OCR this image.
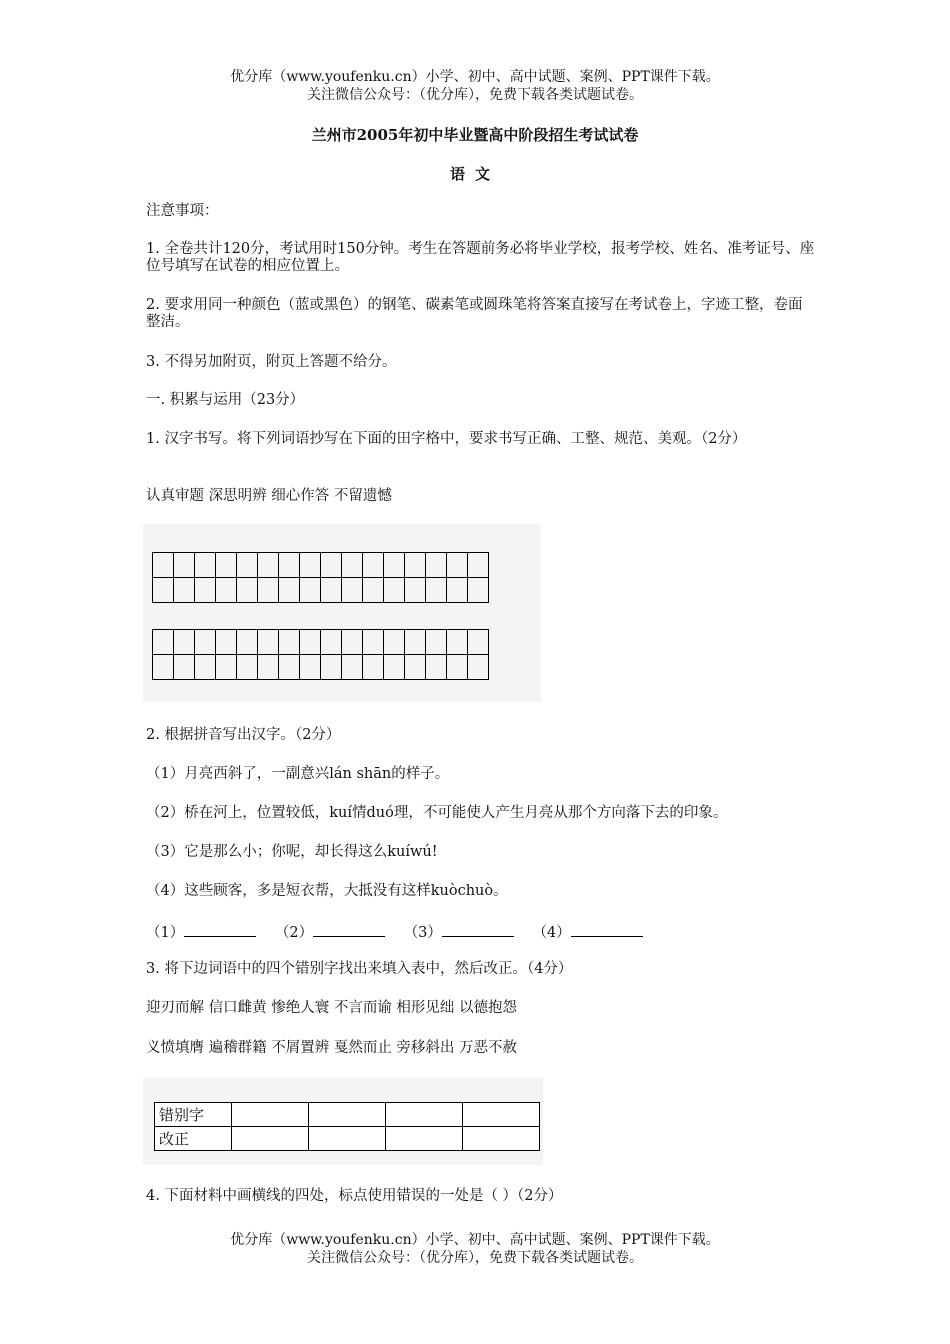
优分库（www.youfenku.cn）小学、初中、高中试题、案例、PPT课件下载。
关注微信公众号：（优分库），免费下载各类试题试卷。
兰州市2005年初中毕业暨高中阶段招生考试试卷
语文
注意事项：
1. 全卷共计120分，考试用时150分钟。考生在答题前务必将毕业学校，报考学校、姓名、准考证号、座位号填写在试卷的相应位置上。
2. 要求用同一种颜色（蓝或黑色）的钢笔、碳素笔或圆珠笔将答案直接写在考试卷上，字迹工整，卷面整洁。
3. 不得另加附页，附页上答题不给分。
一. 积累与运用（23分）
1. 汉字书写。将下列词语抄写在下面的田字格中，要求书写正确、工整、规范、美观。（2分）
认真审题 深思明辨 细心作答 不留遗憾

2. 根据拼音写出汉字。（2分）
（1）月亮西斜了，一副意兴lán shān的样子。
（2）桥在河上，位置较低，kuí情duó理，不可能使人产生月亮从那个方向落下去的印象。
（3）它是那么小；你呢，却长得这么kuíwú!
（4）这些顾客，多是短衣帮，大抵没有这样kuòchuò。
（1）	（2）	（3）	（4）
3. 将下边词语中的四个错别字找出来填入表中，然后改正。（4分）
迎刃而解 信口雌黄 惨绝人寰 不言而谕 相形见绌 以德抱怨
义愤填膺 遍稽群籍 不屑置辨 戛然而止 旁移斜出 万恶不赦
错别字				
改正				
4. 下面材料中画横线的四处，标点使用错误的一处是（ ）（2分）
优分库（www.youfenku.cn）小学、初中、高中试题、案例、PPT课件下载。
关注微信公众号：（优分库），免费下载各类试题试卷。
